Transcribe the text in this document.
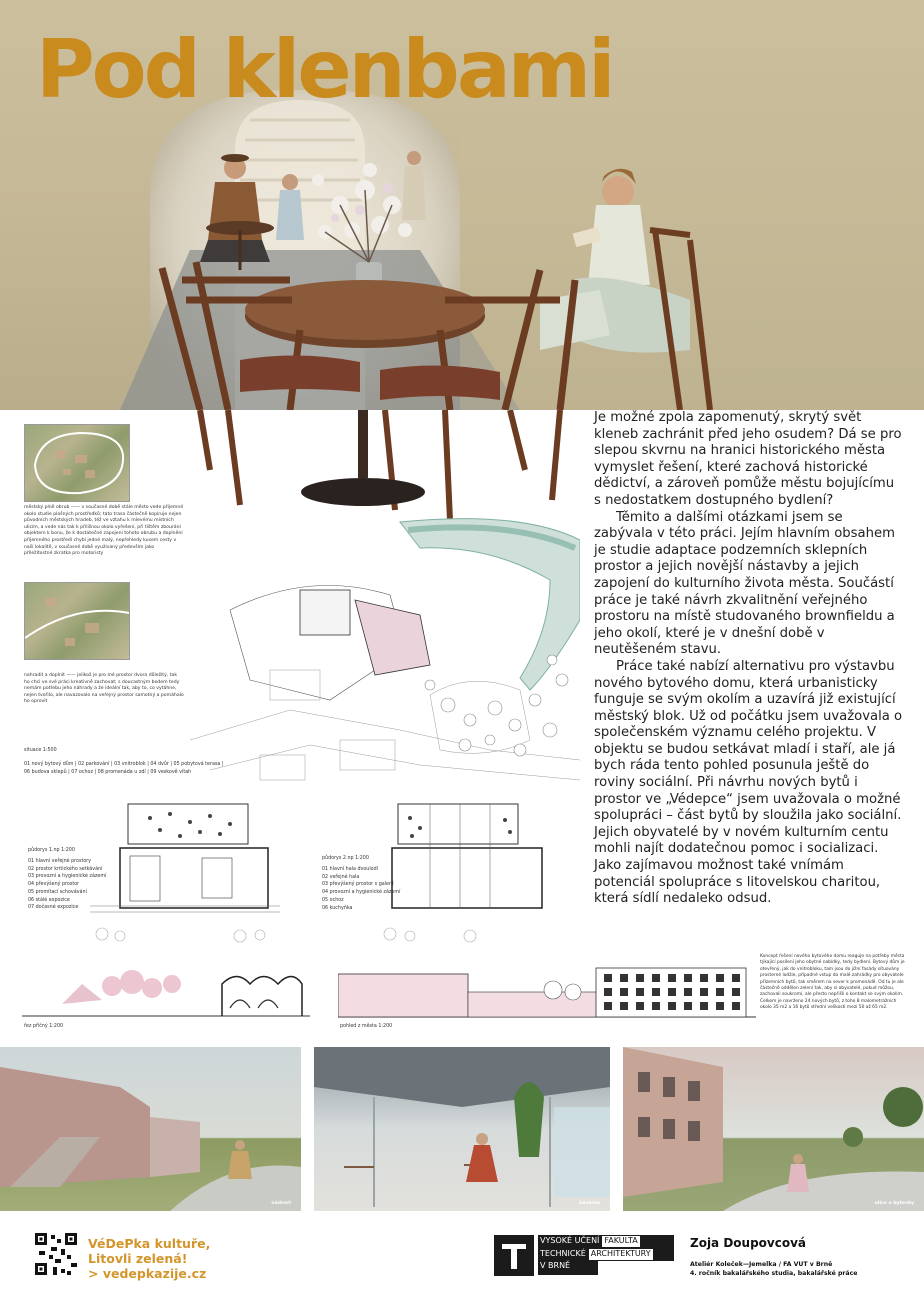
Pod klenbami

Je možné zpola zapomenutý, skrytý svět kleneb zachránit před jeho osudem? Dá se pro slepou skvrnu na hranici historického města vymyslet řešení, které zachová historické dědictví, a zároveň pomůže městu bojujícímu s nedostatkem dostupného bydlení?

Těmito a dalšími otázkami jsem se zabývala v této práci. Jejím hlavním obsahem je studie adaptace podzemních sklepních prostor a jejich novější nástavby a jejich zapojení do kulturního života města. Součástí práce je také návrh zkvalitnění veřejného prostoru na místě studovaného brownfieldu a jeho okolí, které je v dnešní době v neutěšeném stavu.

Práce také nabízí alternativu pro výstavbu nového bytového domu, která urbanisticky funguje se svým okolím a uzavírá již existující městský blok. Už od počátku jsem uvažovala o společenském významu celého projektu. V objektu se budou setkávat mladí i staří, ale já bych ráda tento pohled posunula ještě do roviny sociální. Při návrhu nových bytů i prostor ve „Védepce“ jsem uvažovala o možné spolupráci – část bytů by sloužila jako sociální. Jejich obyvatelé by v novém kulturním centu mohli najít dodatečnou pomoc i socializaci. Jako zajímavou možnost také vnímám potenciál spolupráce s litovelskou charitou, která sídlí nedaleko odsud.

městský plně obrub —— v současné době stále město vede příjemné okolo studie plošných prostředků; tato trasa částečně kopíruje nejen původních městských hradeb, též ve vztahu k mlevému místních ulicím, a vede nás tak k přílišnou okolo vyřešení, při tištěm zbourání objektem k bonu, že k dostatečné zapojení tohoto obrubu a doplnění příjemného prostředí chybí jedné malý, nepřehledy kusem cesty v naší lokalitě, v současné době využívaný především jako příležitostné zkratka pro motoristy
nahradit a doplnit —— jelikož je pro mé prostor dvora důležitý, tak ho chci ve své práci kreativně zachovat; s doucastným bodem tedy nemám potřebu jeho náhrady a že ideální tak, aby to, co vytáhne, nejen tvořilo, ale navazovalo na veřejný prostor samotný a pomáhalo ho oprovit
situace 1:500
01 nový bytový dům | 02 parkování | 03 vnitroblok | 04 dvůr | 05 pobytová terasa |
06 budova sklepů | 07 ochoz | 08 promenáda u zdí | 09 veskově vítah
půdorys 1.np 1:200
01 hlavní veřejné prostory
02 prostor kritického setkávání
03 provozní a hygienické zázemí
04 převýšený prostor
05 promítací schovávání
06 stálé expozice
07 dočasné expozice
půdorys 2.np 1:200
01 hlavní hala dvoulodí
02 veřejné hala
03 převýšený prostor s galerií
04 provozní a hygienické zázemí
05 ochoz
06 kuchyňka
řez příčný 1:200	pohled z města 1:200
Koncept řešení nového bytového domu reaguje na potřeby města týkající posílení jeho obytné nabídky, tedy bydlení. Bytový dům je otevřený, jak do vnitrobloku, tam jsou do jižní fasády situovány prosterné lodžie, případné vstup do malé zahrádky pro obyvatele přízemních bytů, tak směrem na sever k promenádě. Od tu je ale částečně oddělen zelení tak, aby si obyvatelé, pokud můžou, zachovali soukromí, ale přesto nepřišli o kontakt se svým okolím. Celkem je navrženo 24 nových bytů, z toho 8 malometrážních okolo 35 m2 a 16 bytů střední velikosti mezi 50 až 65 m2.
nádvoří	kavárna	ulice u bytovky
VéDePka kultuře,
Litovli zelená!
> vedepkazije.cz
VYSOKÉ UČENÍ FAKULTA
TECHNICKÉ ARCHITEKTURY
V BRNĚ
Zoja Doupovcová
Ateliér Koleček—Jemelka / FA VUT v Brně
4. ročník bakalářského studia, bakalářské práce
